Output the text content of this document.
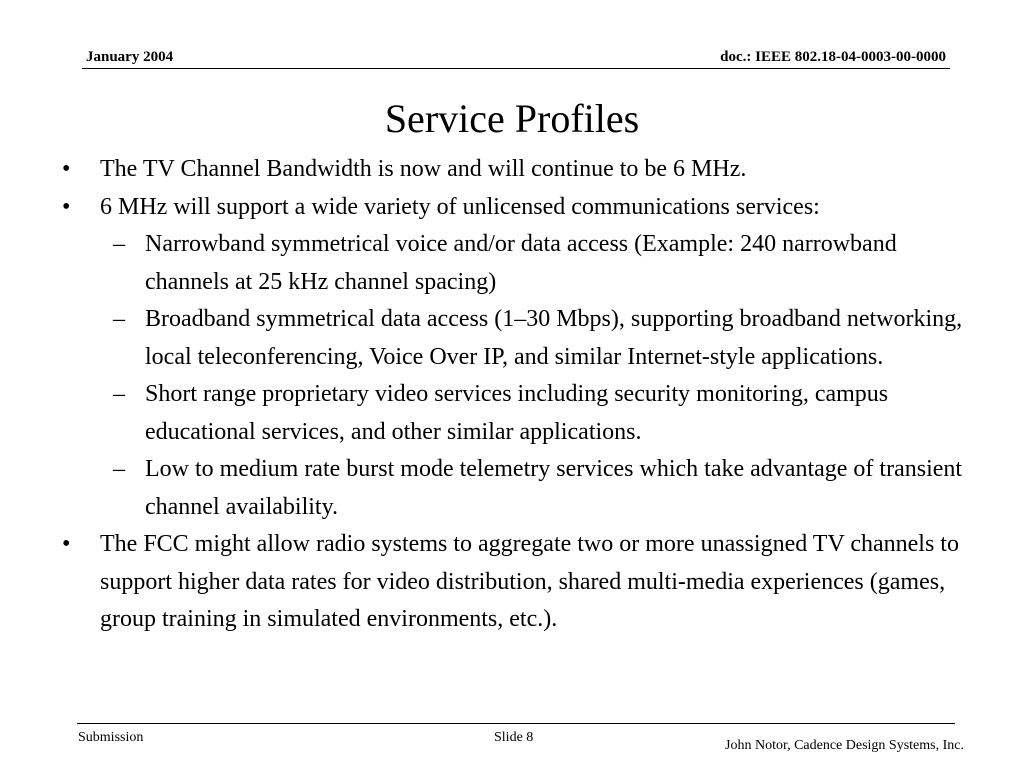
January 2004	doc.: IEEE 802.18-04-0003-00-0000
Service Profiles
• The TV Channel Bandwidth is now and will continue to be 6 MHz.
• 6 MHz will support a wide variety of unlicensed communications services:
– Narrowband symmetrical voice and/or data access (Example: 240 narrowband channels at 25 kHz channel spacing)
– Broadband symmetrical data access (1–30 Mbps), supporting broadband networking, local teleconferencing, Voice Over IP, and similar Internet-style applications.
– Short range proprietary video services including security monitoring, campus educational services, and other similar applications.
– Low to medium rate burst mode telemetry services which take advantage of transient channel availability.
• The FCC might allow radio systems to aggregate two or more unassigned TV channels to support higher data rates for video distribution, shared multi-media experiences (games, group training in simulated environments, etc.).
Submission	Slide 8
John Notor, Cadence Design Systems, Inc.
